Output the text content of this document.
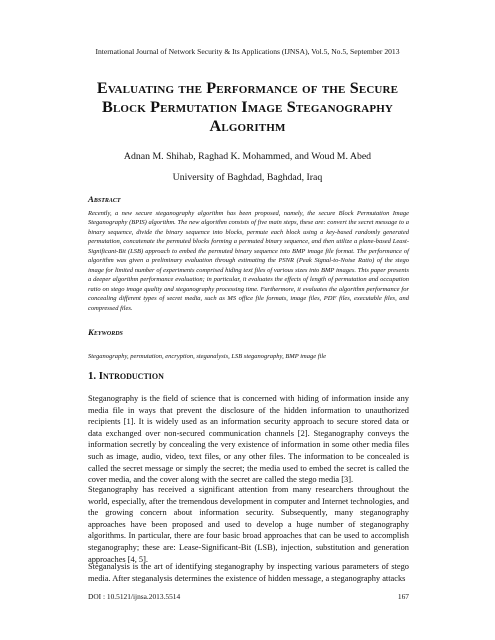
International Journal of Network Security & Its Applications (IJNSA), Vol.5, No.5, September 2013
Evaluating the Performance of the Secure
Block Permutation Image Steganography
Algorithm
Adnan M. Shihab, Raghad K. Mohammed, and Woud M. Abed
University of Baghdad, Baghdad, Iraq
Abstract
Recently, a new secure steganography algorithm has been proposed, namely, the secure Block Permutation Image Steganography (BPIS) algorithm. The new algorithm consists of five main steps, these are: convert the secret message to a binary sequence, divide the binary sequence into blocks, permute each block using a key-based randomly generated permutation, concatenate the permuted blocks forming a permuted binary sequence, and then utilize a plane-based Least-Significant-Bit (LSB) approach to embed the permuted binary sequence into BMP image file format. The performance of algorithm was given a preliminary evaluation through estimating the PSNR (Peak Signal-to-Noise Ratio) of the stego image for limited number of experiments comprised hiding text files of various sizes into BMP images. This paper presents a deeper algorithm performance evaluation; in particular, it evaluates the effects of length of permutation and occupation ratio on stego image quality and steganography processing time. Furthermore, it evaluates the algorithm performance for concealing different types of secret media, such as MS office file formats, image files, PDF files, executable files, and compressed files.
Keywords
Steganography, permutation, encryption, steganalysis, LSB steganography, BMP image file
1. Introduction
Steganography is the field of science that is concerned with hiding of information inside any media file in ways that prevent the disclosure of the hidden information to unauthorized recipients [1]. It is widely used as an information security approach to secure stored data or data exchanged over non-secured communication channels [2]. Steganography conveys the information secretly by concealing the very existence of information in some other media files such as image, audio, video, text files, or any other files. The information to be concealed is called the secret message or simply the secret; the media used to embed the secret is called the cover media, and the cover along with the secret are called the stego media [3].
Steganography has received a significant attention from many researchers throughout the world, especially, after the tremendous development in computer and Internet technologies, and the growing concern about information security. Subsequently, many steganography approaches have been proposed and used to develop a huge number of steganography algorithms. In particular, there are four basic broad approaches that can be used to accomplish steganography; these are: Lease-Significant-Bit (LSB), injection, substitution and generation approaches [4, 5].
Steganalysis is the art of identifying steganography by inspecting various parameters of stego media. After steganalysis determines the existence of hidden message, a steganography attacks
DOI : 10.5121/ijnsa.2013.5514	167
